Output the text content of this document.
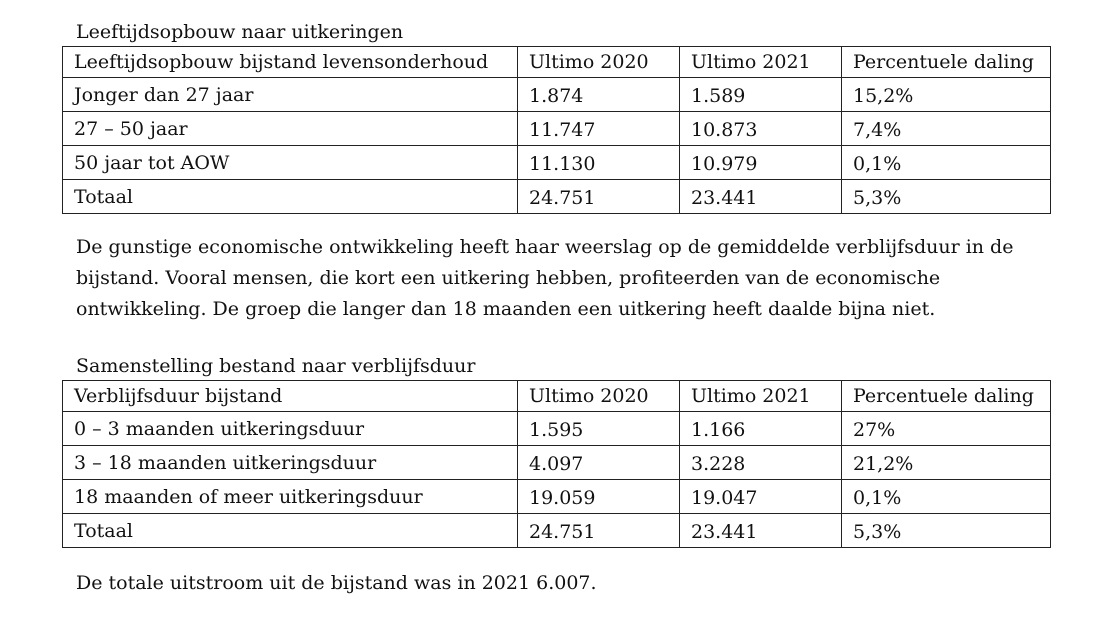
Leeftijdsopbouw naar uitkeringen
Leeftijdsopbouw bijstand levensonderhoud	Ultimo 2020	Ultimo 2021	Percentuele daling
Jonger dan 27 jaar	1.874	1.589	15,2%
27 – 50 jaar	11.747	10.873	7,4%
50 jaar tot AOW	11.130	10.979	0,1%
Totaal	24.751	23.441	5,3%

De gunstige economische ontwikkeling heeft haar weerslag op de gemiddelde verblijfsduur in de

bijstand. Vooral mensen, die kort een uitkering hebben, profiteerden van de economische

ontwikkeling. De groep die langer dan 18 maanden een uitkering heeft daalde bijna niet.

Samenstelling bestand naar verblijfsduur
Verblijfsduur bijstand	Ultimo 2020	Ultimo 2021	Percentuele daling
0 – 3 maanden uitkeringsduur	1.595	1.166	27%
3 – 18 maanden uitkeringsduur	4.097	3.228	21,2%
18 maanden of meer uitkeringsduur	19.059	19.047	0,1%
Totaal	24.751	23.441	5,3%

De totale uitstroom uit de bijstand was in 2021 6.007.
